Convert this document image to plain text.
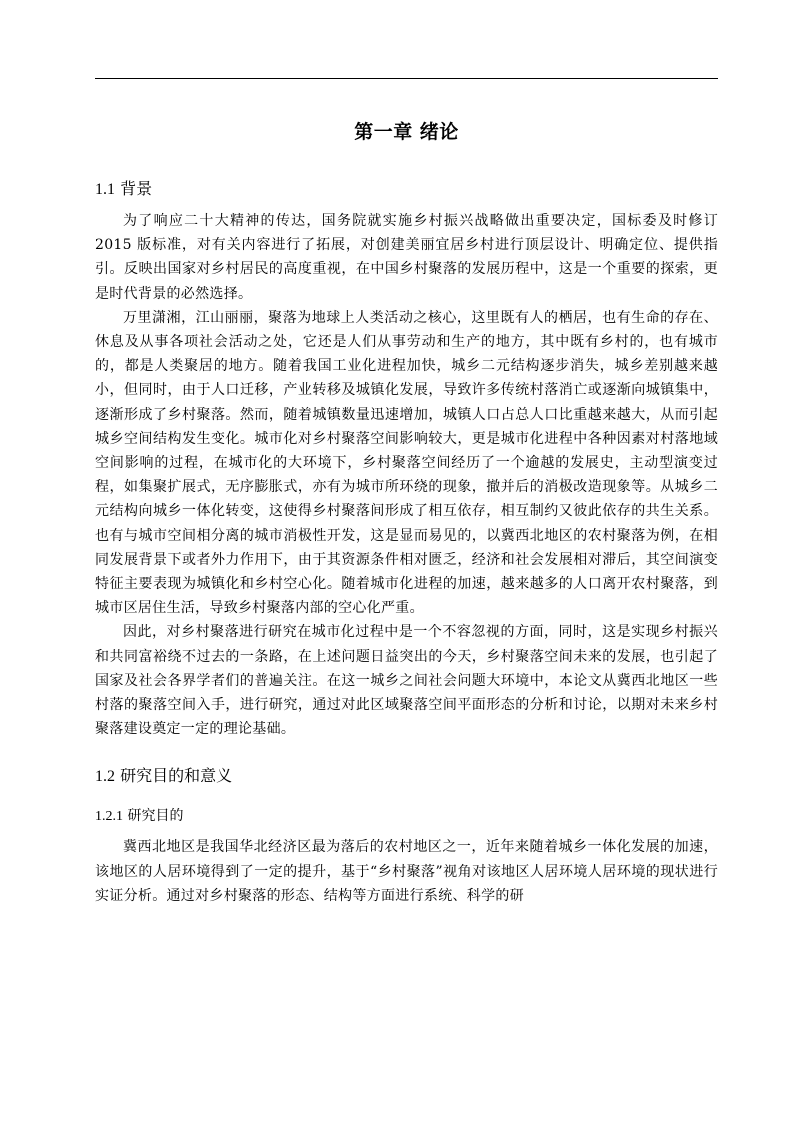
第一章 绪论
1.1 背景

为了响应二十大精神的传达，国务院就实施乡村振兴战略做出重要决定，国标委及时修订 2015 版标准，对有关内容进行了拓展，对创建美丽宜居乡村进行顶层设计、明确定位、提供指引。反映出国家对乡村居民的高度重视，在中国乡村聚落的发展历程中，这是一个重要的探索，更是时代背景的必然选择。

万里潇湘，江山丽丽，聚落为地球上人类活动之核心，这里既有人的栖居，也有生命的存在、休息及从事各项社会活动之处，它还是人们从事劳动和生产的地方，其中既有乡村的，也有城市的，都是人类聚居的地方。随着我国工业化进程加快，城乡二元结构逐步消失，城乡差别越来越小，但同时，由于人口迁移，产业转移及城镇化发展，导致许多传统村落消亡或逐渐向城镇集中，逐渐形成了乡村聚落。然而，随着城镇数量迅速增加，城镇人口占总人口比重越来越大，从而引起城乡空间结构发生变化。城市化对乡村聚落空间影响较大，更是城市化进程中各种因素对村落地域空间影响的过程，在城市化的大环境下，乡村聚落空间经历了一个逾越的发展史，主动型演变过程，如集聚扩展式，无序膨胀式，亦有为城市所环绕的现象，撤并后的消极改造现象等。从城乡二元结构向城乡一体化转变，这使得乡村聚落间形成了相互依存，相互制约又彼此依存的共生关系。也有与城市空间相分离的城市消极性开发，这是显而易见的，以冀西北地区的农村聚落为例，在相同发展背景下或者外力作用下，由于其资源条件相对匮乏，经济和社会发展相对滞后，其空间演变特征主要表现为城镇化和乡村空心化。随着城市化进程的加速，越来越多的人口离开农村聚落，到城市区居住生活，导致乡村聚落内部的空心化严重。

因此，对乡村聚落进行研究在城市化过程中是一个不容忽视的方面，同时，这是实现乡村振兴和共同富裕绕不过去的一条路，在上述问题日益突出的今天，乡村聚落空间未来的发展，也引起了国家及社会各界学者们的普遍关注。在这一城乡之间社会问题大环境中，本论文从冀西北地区一些村落的聚落空间入手，进行研究，通过对此区域聚落空间平面形态的分析和讨论，以期对未来乡村聚落建设奠定一定的理论基础。

1.2 研究目的和意义
1.2.1 研究目的

冀西北地区是我国华北经济区最为落后的农村地区之一，近年来随着城乡一体化发展的加速，该地区的人居环境得到了一定的提升，基于“乡村聚落”视角对该地区人居环境人居环境的现状进行实证分析。通过对乡村聚落的形态、结构等方面进行系统、科学的研
